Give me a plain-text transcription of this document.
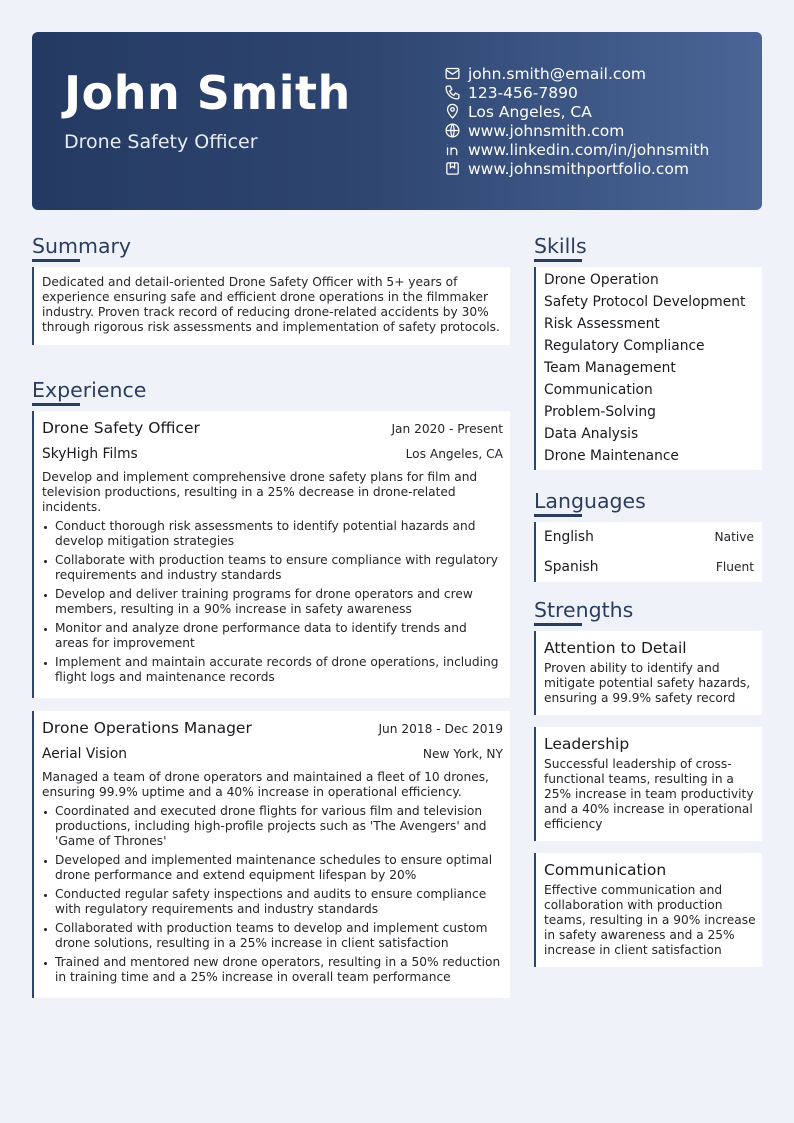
John Smith
Drone Safety Officer
john.smith@email.com
123-456-7890
Los Angeles, CA
www.johnsmith.com
www.linkedin.com/in/johnsmith
www.johnsmithportfolio.com
Summary
Dedicated and detail-oriented Drone Safety Officer with 5+ years of experience ensuring safe and efficient drone operations in the filmmaker industry. Proven track record of reducing drone-related accidents by 30% through rigorous risk assessments and implementation of safety protocols.
Experience
Drone Safety Officer	Jan 2020 - Present
SkyHigh Films	Los Angeles, CA
Develop and implement comprehensive drone safety plans for film and television productions, resulting in a 25% decrease in drone-related incidents.
Conduct thorough risk assessments to identify potential hazards and develop mitigation strategies
Collaborate with production teams to ensure compliance with regulatory requirements and industry standards
Develop and deliver training programs for drone operators and crew members, resulting in a 90% increase in safety awareness
Monitor and analyze drone performance data to identify trends and areas for improvement
Implement and maintain accurate records of drone operations, including flight logs and maintenance records
Drone Operations Manager	Jun 2018 - Dec 2019
Aerial Vision	New York, NY
Managed a team of drone operators and maintained a fleet of 10 drones, ensuring 99.9% uptime and a 40% increase in operational efficiency.
Coordinated and executed drone flights for various film and television productions, including high-profile projects such as 'The Avengers' and 'Game of Thrones'
Developed and implemented maintenance schedules to ensure optimal drone performance and extend equipment lifespan by 20%
Conducted regular safety inspections and audits to ensure compliance with regulatory requirements and industry standards
Collaborated with production teams to develop and implement custom drone solutions, resulting in a 25% increase in client satisfaction
Trained and mentored new drone operators, resulting in a 50% reduction in training time and a 25% increase in overall team performance
Skills
Drone Operation
Safety Protocol Development
Risk Assessment
Regulatory Compliance
Team Management
Communication
Problem-Solving
Data Analysis
Drone Maintenance
Languages
English	Native
Spanish	Fluent
Strengths
Attention to Detail
Proven ability to identify and mitigate potential safety hazards, ensuring a 99.9% safety record
Leadership
Successful leadership of cross-functional teams, resulting in a 25% increase in team productivity and a 40% increase in operational efficiency
Communication
Effective communication and collaboration with production teams, resulting in a 90% increase in safety awareness and a 25% increase in client satisfaction
